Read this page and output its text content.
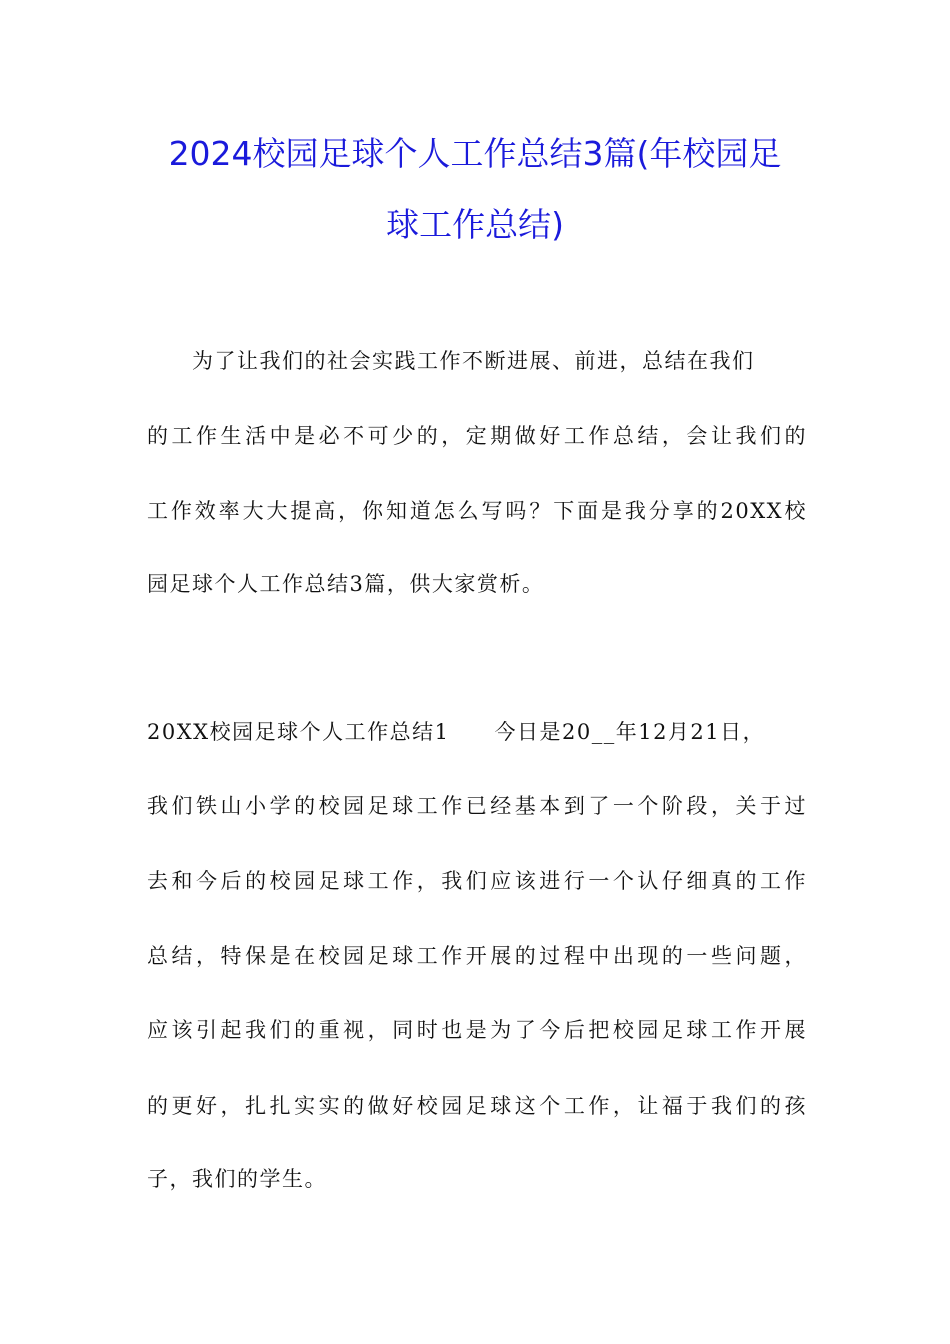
2024校园足球个人工作总结3篇(年校园足
球工作总结)
为了让我们的社会实践工作不断进展、前进，总结在我们
的工作生活中是必不可少的，定期做好工作总结，会让我们的
工作效率大大提高，你知道怎么写吗？下面是我分享的20XX校
园足球个人工作总结3篇，供大家赏析。
20XX校园足球个人工作总结1　　今日是20__年12月21日，
我们铁山小学的校园足球工作已经基本到了一个阶段，关于过
去和今后的校园足球工作，我们应该进行一个认仔细真的工作
总结，特保是在校园足球工作开展的过程中出现的一些问题，
应该引起我们的重视，同时也是为了今后把校园足球工作开展
的更好，扎扎实实的做好校园足球这个工作，让福于我们的孩
子，我们的学生。
